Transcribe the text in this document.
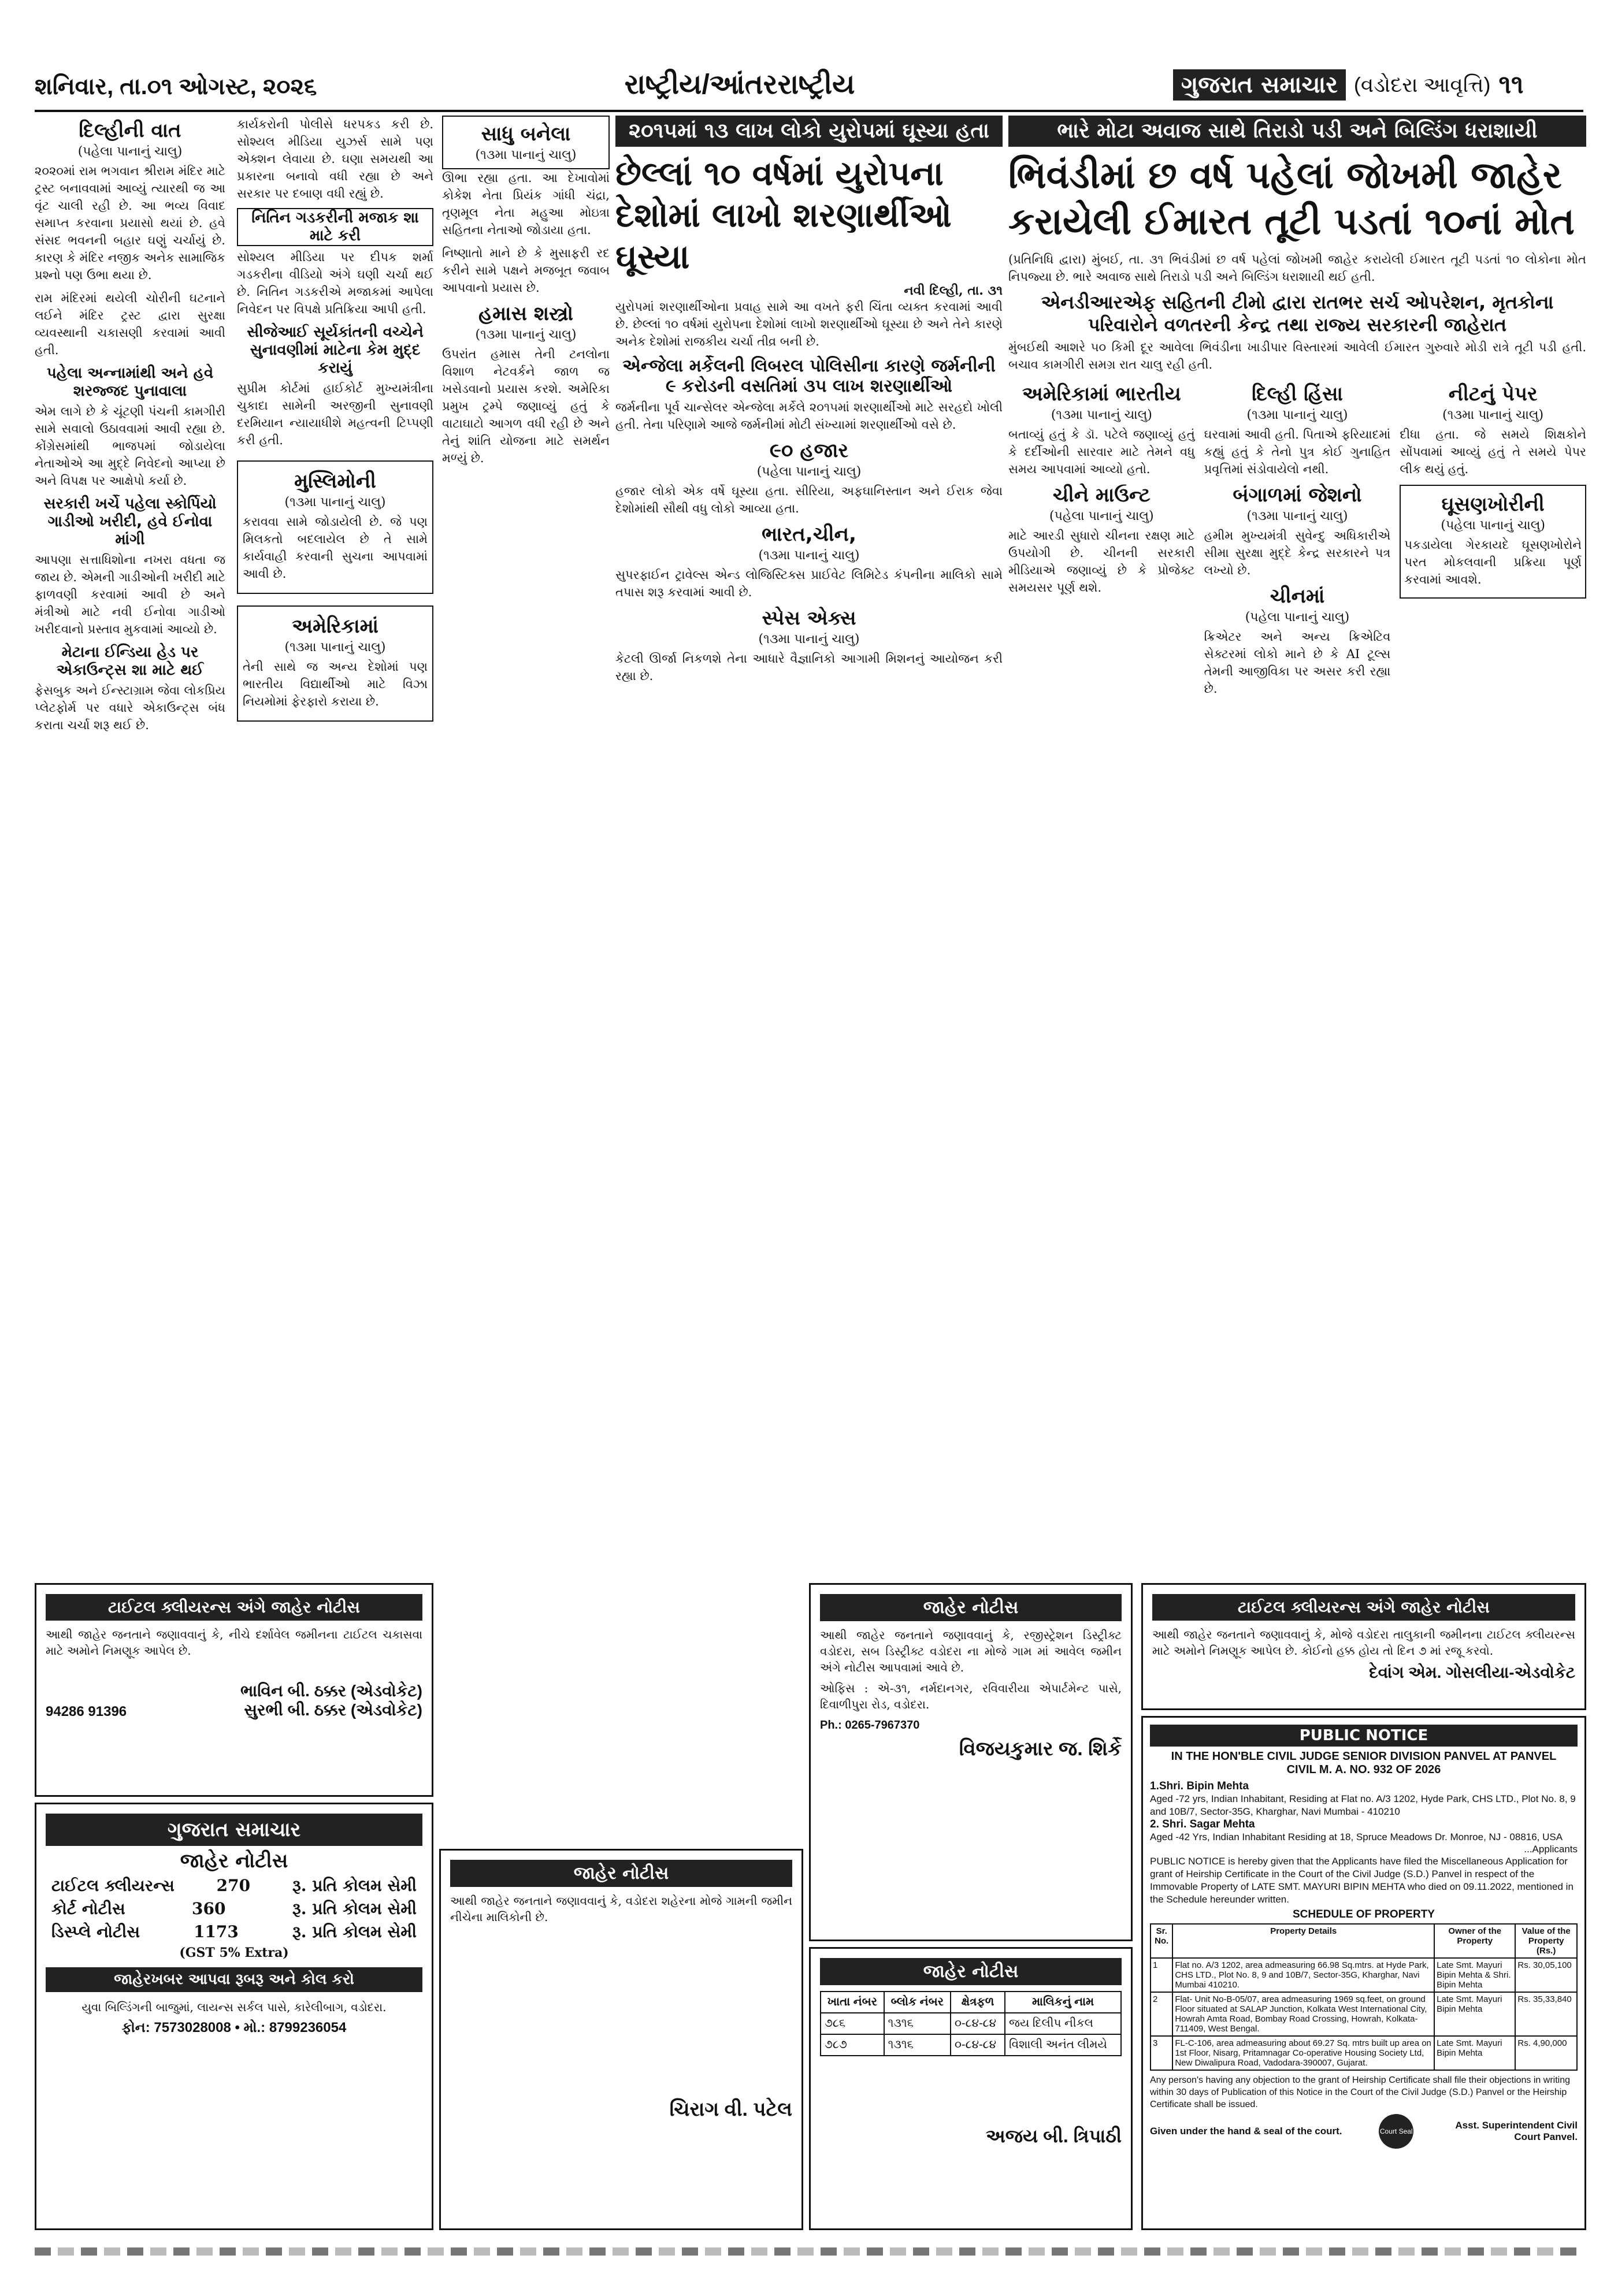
શનિવાર, તા.૦૧ ઓગસ્ટ, ૨૦૨૬	રાષ્ટ્રીય/આંતરરાષ્ટ્રીય	ગુજરાત સમાચાર (વડોદરા આવૃત્તિ) ૧૧
દિલ્હીની વાત
(પહેલા પાનાનું ચાલુ)

૨૦૨૦માં રામ ભગવાન શ્રીરામ મંદિર માટે ટ્રસ્ટ બનાવવામાં આવ્યું ત્યારથી જ આ વૃંટ ચાલી રહી છે. આ ભવ્ય વિવાદ સમાપ્ત કરવાના પ્રયાસો થયાં છે. હવે સંસદ ભવનની બહાર ઘણું ચર્ચાયું છે. કારણ કે મંદિર નજીક અનેક સામાજિક પ્રશ્નો પણ ઉભા થયા છે.

રામ મંદિરમાં થયેલી ચોરીની ઘટનાને લઈને મંદિર ટ્રસ્ટ દ્વારા સુરક્ષા વ્યવસ્થાની ચકાસણી કરવામાં આવી હતી.

પહેલા અન્નામાંથી અને હવે શરજ્જદ પુનાવાલા

એમ લાગે છે કે ચૂંટણી પંચની કામગીરી સામે સવાલો ઉઠાવવામાં આવી રહ્યા છે. કોંગ્રેસમાંથી ભાજપમાં જોડાયેલા નેતાઓએ આ મુદ્દે નિવેદનો આપ્યા છે અને વિપક્ષ પર આક્ષેપો કર્યા છે.

સરકારી ખર્ચે પહેલા સ્કોર્પિયો ગાડીઓ ખરીદી, હવે ઈનોવા માંગી

આપણા સત્તાધિશોના નખરા વધતા જ જાય છે. એમની ગાડીઓની ખરીદી માટે ફાળવણી કરવામાં આવી છે અને મંત્રીઓ માટે નવી ઈનોવા ગાડીઓ ખરીદવાનો પ્રસ્તાવ મુકવામાં આવ્યો છે.

મેટાના ઈન્ડિયા હેડ પર એકાઉન્ટ્સ શા માટે થઈ

ફેસબુક અને ઈન્સ્ટાગ્રામ જેવા લોકપ્રિય પ્લેટફોર્મ પર વધારે એકાઉન્ટ્સ બંધ કરાતા ચર્ચા શરૂ થઈ છે.

કાર્યકરોની પોલીસે ધરપકડ કરી છે. સોશ્યલ મીડિયા યુઝર્સ સામે પણ એક્શન લેવાયા છે. ઘણા સમયથી આ પ્રકારના બનાવો વધી રહ્યા છે અને સરકાર પર દબાણ વધી રહ્યું છે.

નિતિન ગડકરીની મજાક શા માટે કરી

સોશ્યલ મીડિયા પર દીપક શર્મા ગડકરીના વીડિયો અંગે ઘણી ચર્ચા થઈ છે. નિતિન ગડકરીએ મજાકમાં આપેલા નિવેદન પર વિપક્ષે પ્રતિક્રિયા આપી હતી.

સીજેઆઈ સૂર્યકાંતની વચ્ચેને સુનાવણીમાં માટેના કેમ મુદ્દ કરાયું

સુપ્રીમ કોર્ટમાં હાઈકોર્ટ મુખ્યમંત્રીના ચુકાદા સામેની અરજીની સુનાવણી દરમિયાન ન્યાયાધીશે મહત્વની ટિપ્પણી કરી હતી.

મુસ્લિમોની
(૧૩મા પાનાનું ચાલુ)

કરાવવા સામે જોડાયેલી છે. જે પણ મિલકતો બદલાયેલ છે તે સામે કાર્યવાહી કરવાની સુચના આપવામાં આવી છે.

અમેરિકામાં
(૧૩મા પાનાનું ચાલુ)

તેની સાથે જ અન્ય દેશોમાં પણ ભારતીય વિદ્યાર્થીઓ માટે વિઝા નિયમોમાં ફેરફારો કરાયા છે.

સાધુ બનેલા
(૧૩મા પાનાનું ચાલુ)

ઊભા રહ્યા હતા. આ દેખાવોમાં કોકેશ નેતા પ્રિયંક ગાંધી ચંદ્રા, તૃણમૂલ નેતા મહુઆ મોઇત્રા સહિતના નેતાઓ જોડાયા હતા.

નિષ્ણાતો માને છે કે મુસાફરી રદ કરીને સામે પક્ષને મજબૂત જવાબ આપવાનો પ્રયાસ છે.

હમાસ શસ્ત્રો
(૧૩મા પાનાનું ચાલુ)

ઉપરાંત હમાસ તેની ટનલોના વિશાળ નેટવર્કને જાળ જ ખસેડવાનો પ્રયાસ કરશે. અમેરિકા પ્રમુખ ટ્રમ્પે જણાવ્યું હતું કે વાટાઘાટો આગળ વધી રહી છે અને તેનું શાંતિ યોજના માટે સમર્થન મળ્યું છે.

૨૦૧૫માં ૧૩ લાખ લોકો યુરોપમાં ઘૂસ્યા હતા
છેલ્લાં ૧૦ વર્ષમાં યુરોપના દેશોમાં લાખો શરણાર્થીઓ ઘૂસ્યા
નવી દિલ્હી, તા. ૩૧

યુરોપમાં શરણાર્થીઓના પ્રવાહ સામે આ વખતે ફરી ચિંતા વ્યક્ત કરવામાં આવી છે. છેલ્લાં ૧૦ વર્ષમાં યુરોપના દેશોમાં લાખો શરણાર્થીઓ ઘૂસ્યા છે અને તેને કારણે અનેક દેશોમાં રાજકીય ચર્ચા તીવ્ર બની છે.

એન્જેલા મર્કેલની લિબરલ પોલિસીના કારણે જર્મનીની ૯ કરોડની વસતિમાં ૩૫ લાખ શરણાર્થીઓ

જર્મનીના પૂર્વ ચાન્સેલર એન્જેલા મર્કેલે ૨૦૧૫માં શરણાર્થીઓ માટે સરહદો ખોલી હતી. તેના પરિણામે આજે જર્મનીમાં મોટી સંખ્યામાં શરણાર્થીઓ વસે છે.

૯૦ હજાર
(પહેલા પાનાનું ચાલુ)

હજાર લોકો એક વર્ષે ઘૂસ્યા હતા. સીરિયા, અફઘાનિસ્તાન અને ઈરાક જેવા દેશોમાંથી સૌથી વધુ લોકો આવ્યા હતા.

ભારત,ચીન,
(૧૩મા પાનાનું ચાલુ)

સુપરફાઈન ટ્રાવેલ્સ એન્ડ લોજિસ્ટિક્સ પ્રાઈવેટ લિમિટેડ કંપનીના માલિકો સામે તપાસ શરૂ કરવામાં આવી છે.

સ્પેસ એક્સ
(૧૩મા પાનાનું ચાલુ)

કેટલી ઊર્જા નિકળશે તેના આધારે વૈજ્ઞાનિકો આગામી મિશનનું આયોજન કરી રહ્યા છે.

ભારે મોટા અવાજ સાથે તિરાડો પડી અને બિલ્ડિંગ ધરાશાયી
ભિવંડીમાં છ વર્ષ પહેલાં જોખમી જાહેર કરાયેલી ઈમારત તૂટી પડતાં ૧૦નાં મોત

(પ્રતિનિધિ દ્વારા) મુંબઈ, તા. ૩૧ ભિવંડીમાં છ વર્ષ પહેલાં જોખમી જાહેર કરાયેલી ઈમારત તૂટી પડતાં ૧૦ લોકોના મોત નિપજ્યા છે. ભારે અવાજ સાથે તિરાડો પડી અને બિલ્ડિંગ ધરાશાયી થઈ હતી.

એનડીઆરએફ સહિતની ટીમો દ્વારા રાતભર સર્ચ ઓપરેશન, મૃતકોના પરિવારોને વળતરની કેન્દ્ર તથા રાજ્ય સરકારની જાહેરાત

મુંબઈથી આશરે ૫૦ કિમી દૂર આવેલા ભિવંડીના ખાડીપાર વિસ્તારમાં આવેલી ઈમારત ગુરુવારે મોડી રાત્રે તૂટી પડી હતી. બચાવ કામગીરી સમગ્ર રાત ચાલુ રહી હતી.

અમેરિકામાં ભારતીય
(૧૩મા પાનાનું ચાલુ)

બતાવ્યું હતું કે ડૉ. પટેલે જણાવ્યું હતું કે દર્દીઓની સારવાર માટે તેમને વધુ સમય આપવામાં આવ્યો હતો.

ચીને માઉન્ટ
(પહેલા પાનાનું ચાલુ)

માટે આરડી સુધારો ચીનના રક્ષણ માટે ઉપયોગી છે. ચીનની સરકારી મીડિયાએ જણાવ્યું છે કે પ્રોજેક્ટ સમયસર પૂર્ણ થશે.

દિલ્હી હિંસા
(૧૩મા પાનાનું ચાલુ)

ઘરવામાં આવી હતી. પિતાએ ફરિયાદમાં કહ્યું હતું કે તેનો પુત્ર કોઈ ગુનાહિત પ્રવૃત્તિમાં સંડોવાયેલો નથી.

બંગાળમાં જેશનો
(૧૩મા પાનાનું ચાલુ)

હમીમ મુખ્યમંત્રી સુવેન્દુ અધિકારીએ સીમા સુરક્ષા મુદ્દે કેન્દ્ર સરકારને પત્ર લખ્યો છે.

ચીનમાં
(પહેલા પાનાનું ચાલુ)

ક્રિએટર અને અન્ય ક્રિએટિવ સેક્ટરમાં લોકો માને છે કે AI ટૂલ્સ તેમની આજીવિકા પર અસર કરી રહ્યા છે.

નીટનું પેપર
(૧૩મા પાનાનું ચાલુ)

દીધા હતા. જે સમયે શિક્ષકોને સોંપવામાં આવ્યું હતું તે સમયે પેપર લીક થયું હતું.

ઘૂસણખોરીની
(પહેલા પાનાનું ચાલુ)

પકડાયેલા ગેરકાયદે ઘૂસણખોરોને પરત મોકલવાની પ્રક્રિયા પૂર્ણ કરવામાં આવશે.

ટાઈટલ ક્લીયરન્સ અંગે જાહેર નોટીસ

આથી જાહેર જનતાને જણાવવાનું કે, નીચે દર્શાવેલ જમીનના ટાઈટલ ચકાસવા માટે અમોને નિમણૂક આપેલ છે.

94286 91396
ભાવિન બી. ઠક્કર (એડવોકેટ)
સુરભી બી. ઠક્કર (એડવોકેટ)
ગુજરાત સમાચાર
જાહેર નોટીસ
ટાઈટલ ક્લીયરન્સ	270	રૂ. પ્રતિ કોલમ સેમી
કોર્ટ નોટીસ	360	રૂ. પ્રતિ કોલમ સેમી
ડિસ્પ્લે નોટીસ	1173	રૂ. પ્રતિ કોલમ સેમી
(GST 5% Extra)
જાહેરખબર આપવા રૂબરૂ અને કોલ કરો

યુવા બિલ્ડિંગની બાજુમાં, લાયન્સ સર્કલ પાસે, કારેલીબાગ, વડોદરા.

ફોન: 7573028008 • મો.: 8799236054

જાહેર નોટીસ

આથી જાહેર જનતાને જણાવવાનું કે, રજીસ્ટ્રેશન ડિસ્ટ્રીક્ટ વડોદરા, સબ ડિસ્ટ્રીક્ટ વડોદરા ના મોજે ગામ માં આવેલ જમીન અંગે નોટીસ આપવામાં આવે છે.

ઓફિસ : એ-૩૧, નર્મદાનગર, રવિવારીયા એપાર્ટમેન્ટ પાસે, દિવાળીપુરા રોડ, વડોદરા.

Ph.: 0265-7967370

વિજયકુમાર જ. શિર્કે
જાહેર નોટીસ

આથી જાહેર જનતાને જણાવવાનું કે, વડોદરા શહેરના મોજે ગામની જમીન નીચેના માલિકોની છે.

ચિરાગ વી. પટેલ
જાહેર નોટીસ
ખાતા નંબર	બ્લોક નંબર	ક્ષેત્રફળ	માલિકનું નામ
૭૮૬	૧૩૧૬	૦-૮૪-૮૪	જય દિલીપ નીકલ
૭૮૭	૧૩૧૬	૦-૮૪-૮૪	વિશાલી અનંત લીમયે
અજય બી. ત્રિપાઠી
ટાઈટલ ક્લીયરન્સ અંગે જાહેર નોટીસ

આથી જાહેર જનતાને જણાવવાનું કે, મોજે વડોદરા તાલુકાની જમીનના ટાઈટલ ક્લીયરન્સ માટે અમોને નિમણૂક આપેલ છે. કોઈનો હક્ક હોય તો દિન ૭ માં રજૂ કરવો.

દેવાંગ એમ. ગોસલીયા-એડવોકેટ
PUBLIC NOTICE
IN THE HON'BLE CIVIL JUDGE SENIOR DIVISION PANVEL AT PANVEL
CIVIL M. A. NO. 932 OF 2026
1.Shri. Bipin Mehta
Aged -72 yrs, Indian Inhabitant, Residing at Flat no. A/3 1202, Hyde Park, CHS LTD., Plot No. 8, 9 and 10B/7, Sector-35G, Kharghar, Navi Mumbai - 410210
2. Shri. Sagar Mehta
Aged -42 Yrs, Indian Inhabitant Residing at 18, Spruce Meadows Dr. Monroe, NJ - 08816, USA
...Applicants
PUBLIC NOTICE is hereby given that the Applicants have filed the Miscellaneous Application for grant of Heirship Certificate in the Court of the Civil Judge (S.D.) Panvel in respect of the Immovable Property of LATE SMT. MAYURI BIPIN MEHTA who died on 09.11.2022, mentioned in the Schedule hereunder written.
SCHEDULE OF PROPERTY
Sr. No.	Property Details	Owner of the Property	Value of the Property (Rs.)
1	Flat no. A/3 1202, area admeasuring 66.98 Sq.mtrs. at Hyde Park, CHS LTD., Plot No. 8, 9 and 10B/7, Sector-35G, Kharghar, Navi Mumbai 410210.	Late Smt. Mayuri Bipin Mehta & Shri. Bipin Mehta	Rs. 30,05,100
2	Flat- Unit No-B-05/07, area admeasuring 1969 sq.feet, on ground Floor situated at SALAP Junction, Kolkata West International City, Howrah Amta Road, Bombay Road Crossing, Howrah, Kolkata-711409, West Bengal.	Late Smt. Mayuri Bipin Mehta	Rs. 35,33,840
3	FL-C-106, area admeasuring about 69.27 Sq. mtrs built up area on 1st Floor, Nisarg, Pritamnagar Co-operative Housing Society Ltd, New Diwalipura Road, Vadodara-390007, Gujarat.	Late Smt. Mayuri Bipin Mehta	Rs. 4,90,000
Any person's having any objection to the grant of Heirship Certificate shall file their objections in writing within 30 days of Publication of this Notice in the Court of the Civil Judge (S.D.) Panvel or the Heirship Certificate shall be issued.
Given under the hand & seal of the court.	Court Seal
Asst. Superintendent Civil Court Panvel.
